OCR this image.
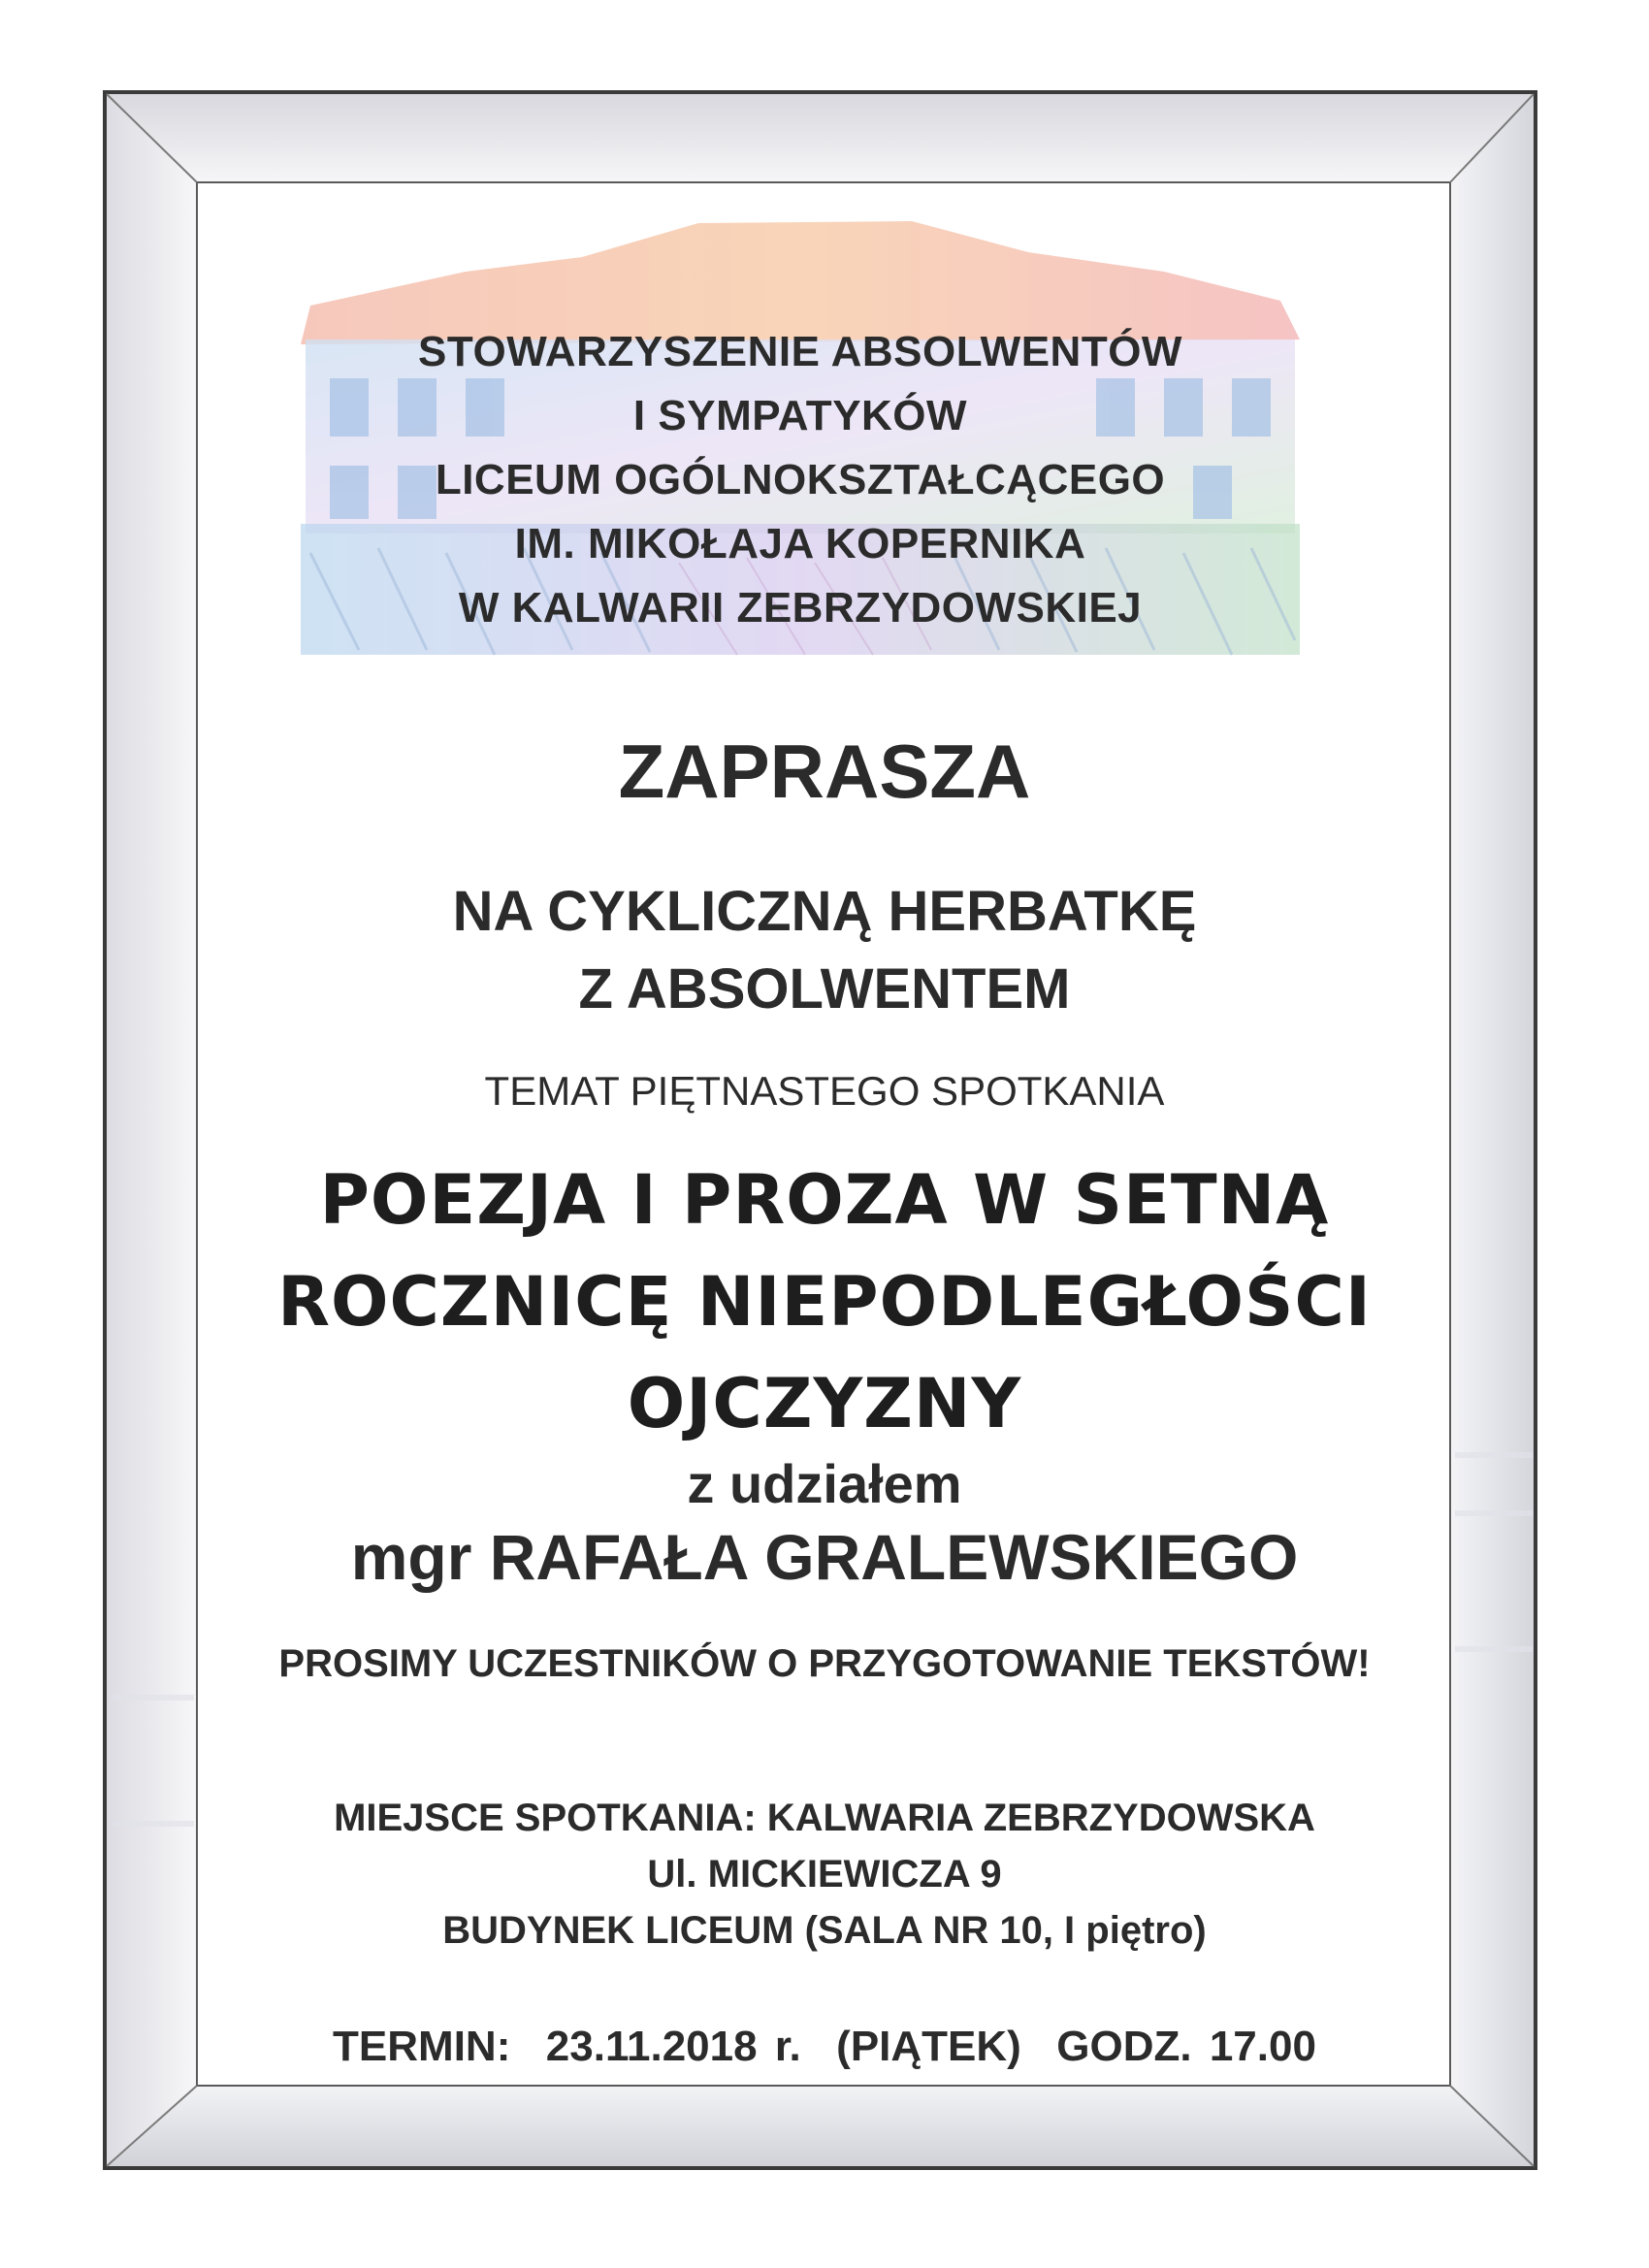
STOWARZYSZENIE ABSOLWENTÓW
I SYMPATYKÓW
LICEUM OGÓLNOKSZTAŁCĄCEGO
IM. MIKOŁAJA KOPERNIKA
W KALWARII ZEBRZYDOWSKIEJ
ZAPRASZA
NA CYKLICZNĄ HERBATKĘ
Z ABSOLWENTEM
TEMAT PIĘTNASTEGO SPOTKANIA
POEZJA I PROZA W SETNĄ
ROCZNICĘ NIEPODLEGŁOŚCI
OJCZYZNY
z udziałem
mgr RAFAŁA GRALEWSKIEGO
PROSIMY UCZESTNIKÓW O PRZYGOTOWANIE TEKSTÓW!
MIEJSCE SPOTKANIA: KALWARIA ZEBRZYDOWSKA
Ul. MICKIEWICZA 9
BUDYNEK LICEUM (SALA NR 10, I piętro)
TERMIN:  23.11.2018 r.  (PIĄTEK)  GODZ. 17.00
